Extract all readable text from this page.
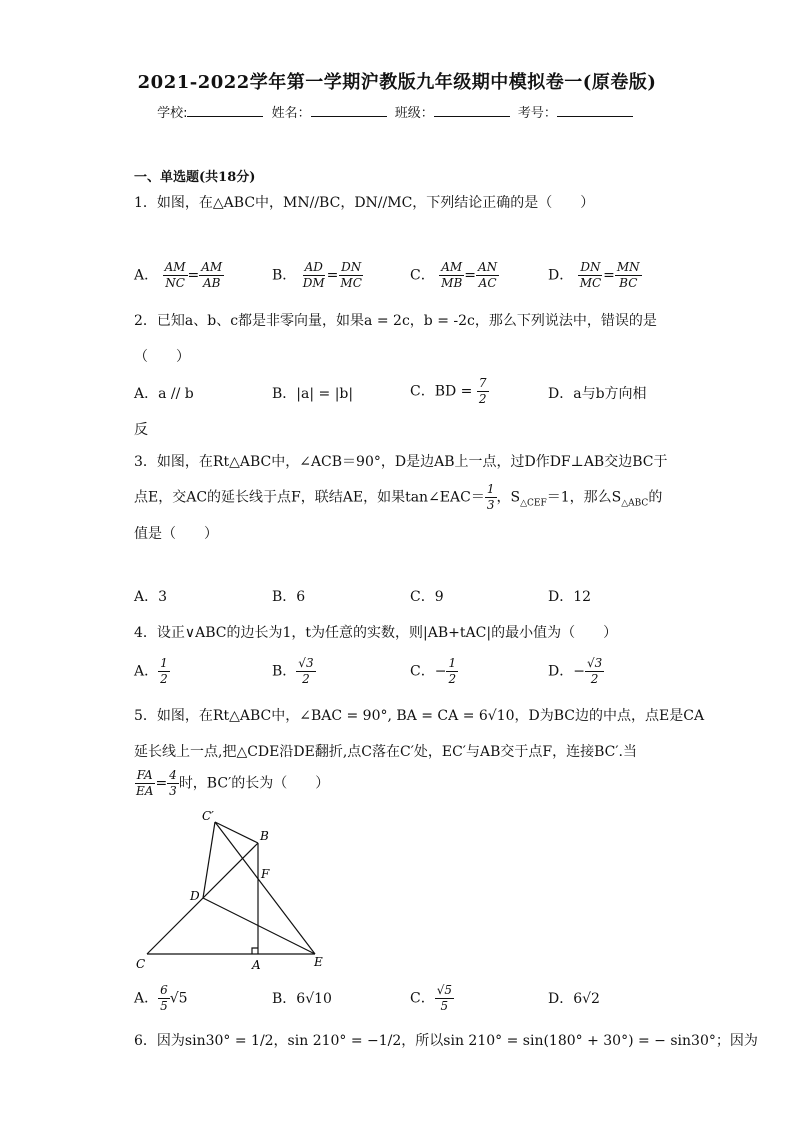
2021-2022学年第一学期沪教版九年级期中模拟卷一(原卷版)
学校:	姓名：	班级：	考号：
一、单选题(共18分)
1．如图，在△ABC中，MN//BC，DN//MC，下列结论正确的是（　　）
A． $\frac{AM}{NC} = \frac{AM}{AB}$	B． $\frac{AD}{DM} = \frac{DN}{MC}$	C． $\frac{AM}{MB} = \frac{AN}{AC}$	D． $\frac{DN}{MC} = \frac{MN}{BC}$
2．已知a、b、c都是非零向量，如果a = 2c，b = -2c，那么下列说法中，错误的是
（　　）
A．a // b	B．|a| = |b|	C．BD = $\frac{7}{2}$	D．a与b方向相
反
3．如图，在Rt△ABC中，∠ACB＝90°，D是边AB上一点，过D作DF⊥AB交边BC于
点E，交AC的延长线于点F，联结AE，如果tan∠EAC＝ $\frac{1}{3}$ ，$S_{\triangle CEF}=1$，那么$S_{\triangle ABC}$的
值是（　　）
A．3	B．6	C．9	D．12
4．设正∨ABC的边长为1，t为任意的实数，则|AB+tAC|的最小值为（　　）
A． $\frac{1}{2}$	B． $\frac{√3}{2}$	C．− $\frac{1}{2}$	D．− $\frac{√3}{2}$
5．如图，在Rt△ABC中，∠BAC = 90°, BA = CA = 6√10，D为BC边的中点，点E是CA
延长线上一点,把△CDE沿DE翻折,点C落在C′处，EC′与AB交于点F，连接BC′.当
$\frac{FA}{EA} = \frac{4}{3}$ 时，BC′的长为（　　）
C′
B
F
D
C	A	E
A． $\frac{6}{5} √5$	B．6√10	C． $\frac{√5}{5}$	D．6√2
6．因为sin30° = 1/2，sin 210° = −1/2，所以sin 210° = sin(180° + 30°) = − sin30°；因为
